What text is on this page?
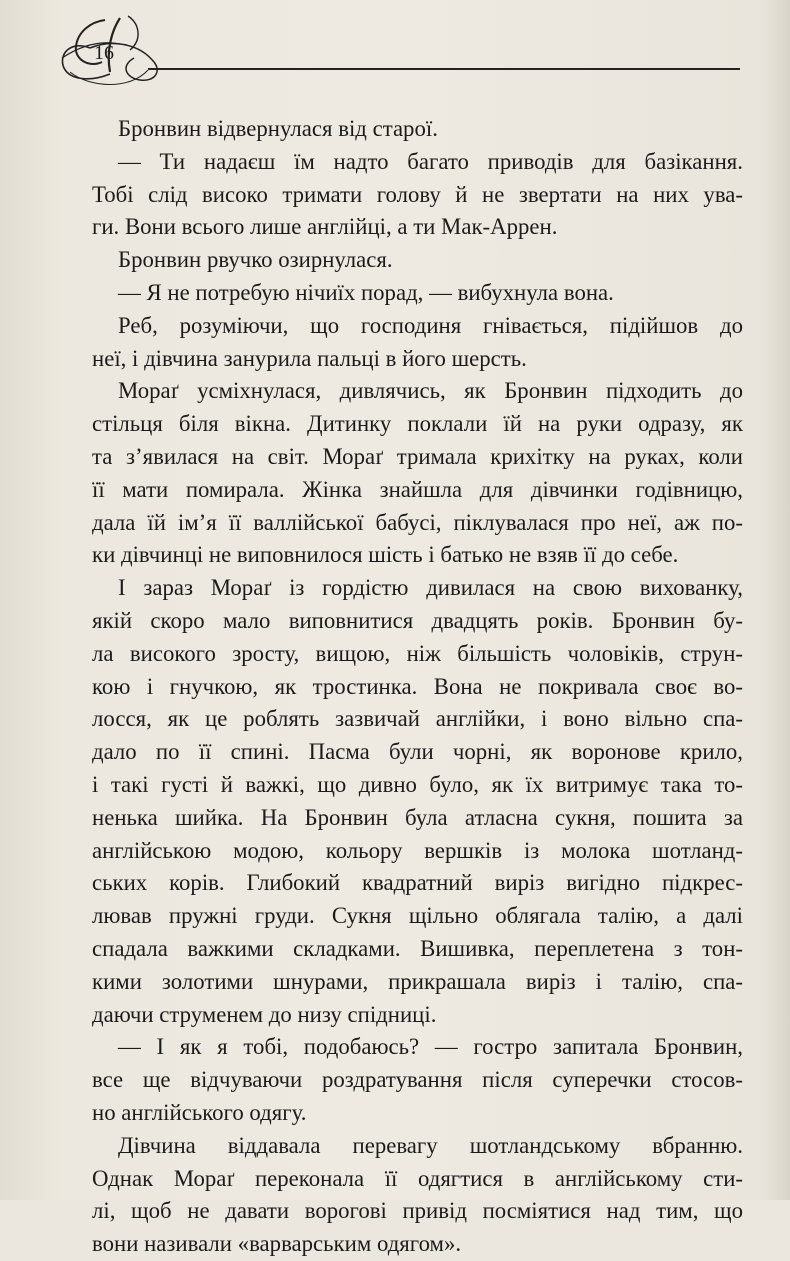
16
Бронвин відвернулася від старої.
— Ти надаєш їм надто багато приводів для базікання.
Тобі слід високо тримати голову й не звертати на них ува-
ги. Вони всього лише англійці, а ти Мак-Аррен.
Бронвин рвучко озирнулася.
— Я не потребую нічиїх порад, — вибухнула вона.
Реб, розуміючи, що господиня гнівається, підійшов до
неї, і дівчина занурила пальці в його шерсть.
Мораґ усміхнулася, дивлячись, як Бронвин підходить до
стільця біля вікна. Дитинку поклали їй на руки одразу, як
та з’явилася на світ. Мораґ тримала крихітку на руках, коли
її мати помирала. Жінка знайшла для дівчинки годівницю,
дала їй ім’я її валлійської бабусі, піклувалася про неї, аж по-
ки дівчинці не виповнилося шість і батько не взяв її до себе.
І зараз Мораґ із гордістю дивилася на свою вихованку,
якій скоро мало виповнитися двадцять років. Бронвин бу-
ла високого зросту, вищою, ніж більшість чоловіків, струн-
кою і гнучкою, як тростинка. Вона не покривала своє во-
лосся, як це роблять зазвичай англійки, і воно вільно спа-
дало по її спині. Пасма були чорні, як воронове крило,
і такі густі й важкі, що дивно було, як їх витримує така то-
ненька шийка. На Бронвин була атласна сукня, пошита за
англійською модою, кольору вершків із молока шотланд-
ських корів. Глибокий квадратний виріз вигідно підкрес-
лював пружні груди. Сукня щільно облягала талію, а далі
спадала важкими складками. Вишивка, переплетена з тон-
кими золотими шнурами, прикрашала виріз і талію, спа-
даючи струменем до низу спідниці.
— І як я тобі, подобаюсь? — гостро запитала Бронвин,
все ще відчуваючи роздратування після суперечки стосов-
но англійського одягу.
Дівчина віддавала перевагу шотландському вбранню.
Однак Мораґ переконала її одягтися в англійському сти-
лі, щоб не давати ворогові привід посміятися над тим, що
вони називали «варварським одягом».
